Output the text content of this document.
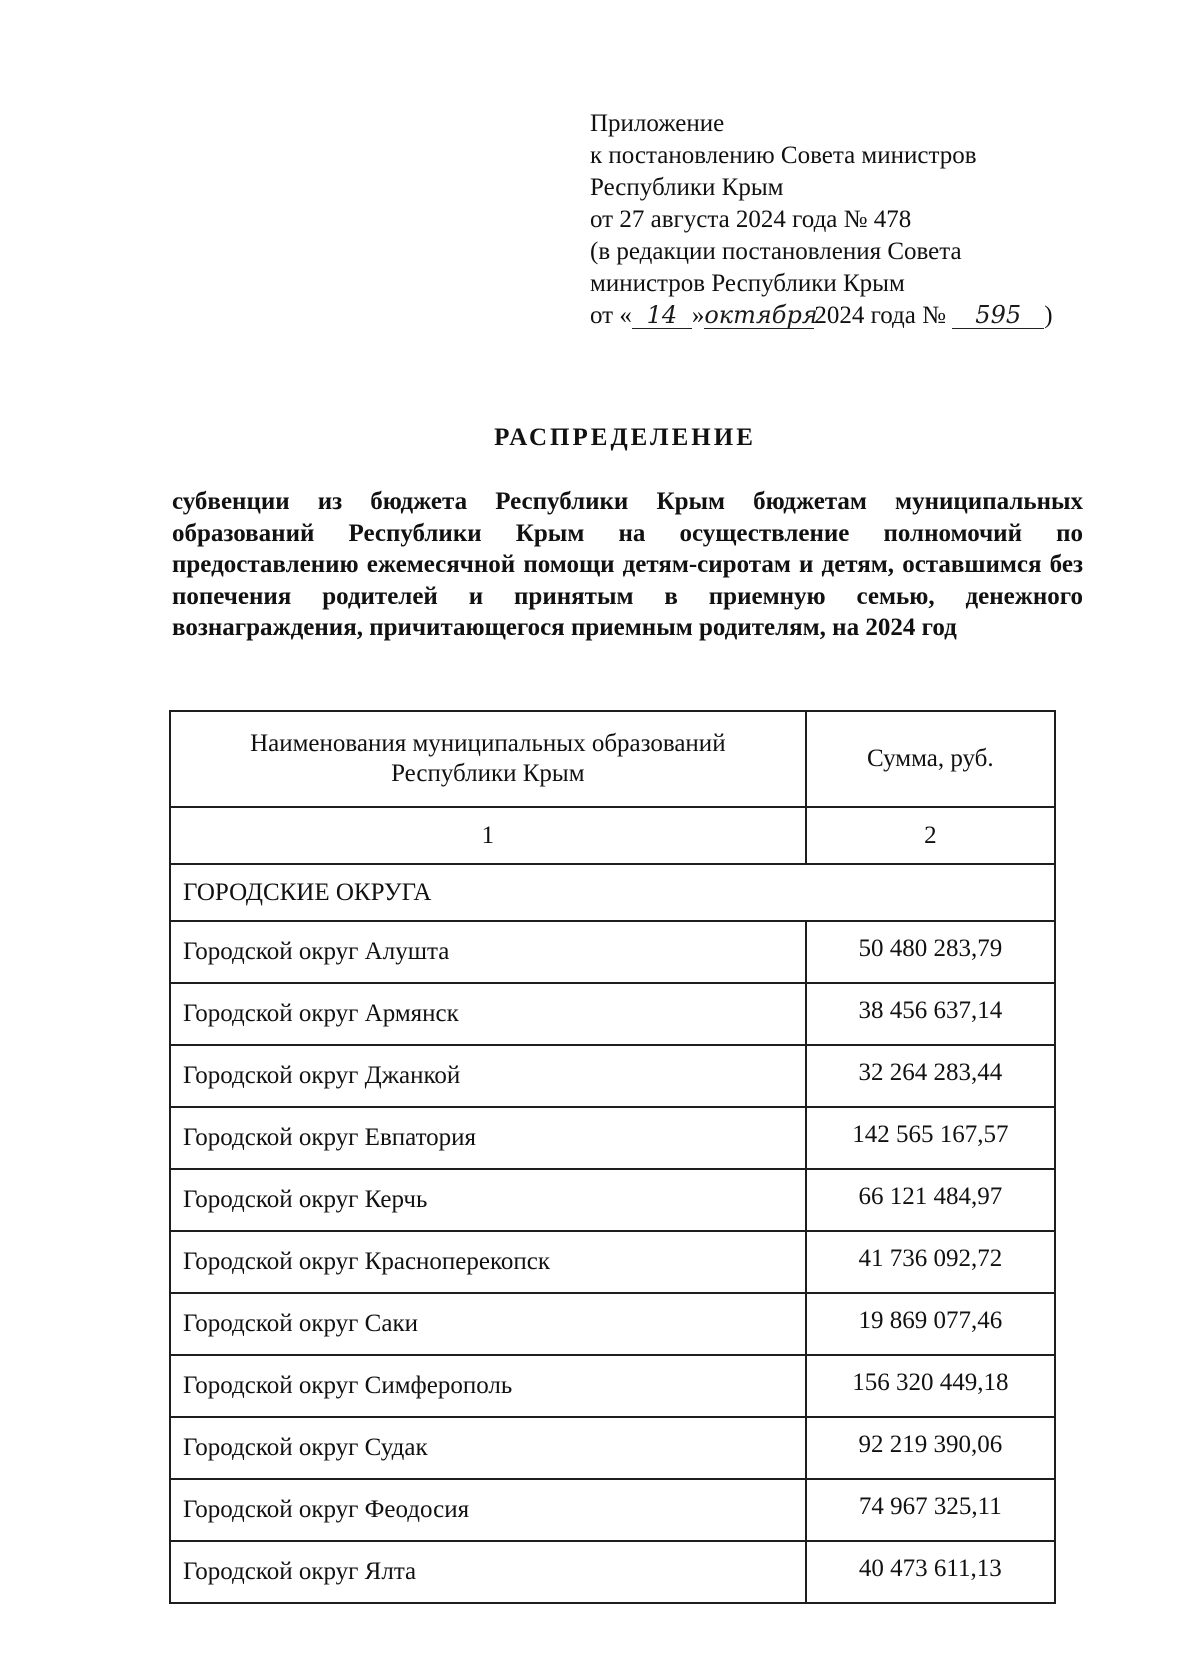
Приложение
к постановлению Совета министров
Республики Крым
от 27 августа 2024 года № 478
(в редакции постановления Совета
министров Республики Крым
от « 14 »октября2024 года № 595 )
РАСПРЕДЕЛЕНИЕ
субвенции из бюджета Республики Крым бюджетам муниципальных образований Республики Крым на осуществление полномочий по предоставлению ежемесячной помощи детям-сиротам и детям, оставшимся без попечения родителей и принятым в приемную семью, денежного вознаграждения, причитающегося приемным родителям, на 2024 год
Наименования муниципальных образований
Республики Крым	Сумма, руб.
1	2
ГОРОДСКИЕ ОКРУГА	
Городской округ Алушта	50 480 283,79
Городской округ Армянск	38 456 637,14
Городской округ Джанкой	32 264 283,44
Городской округ Евпатория	142 565 167,57
Городской округ Керчь	66 121 484,97
Городской округ Красноперекопск	41 736 092,72
Городской округ Саки	19 869 077,46
Городской округ Симферополь	156 320 449,18
Городской округ Судак	92 219 390,06
Городской округ Феодосия	74 967 325,11
Городской округ Ялта	40 473 611,13
